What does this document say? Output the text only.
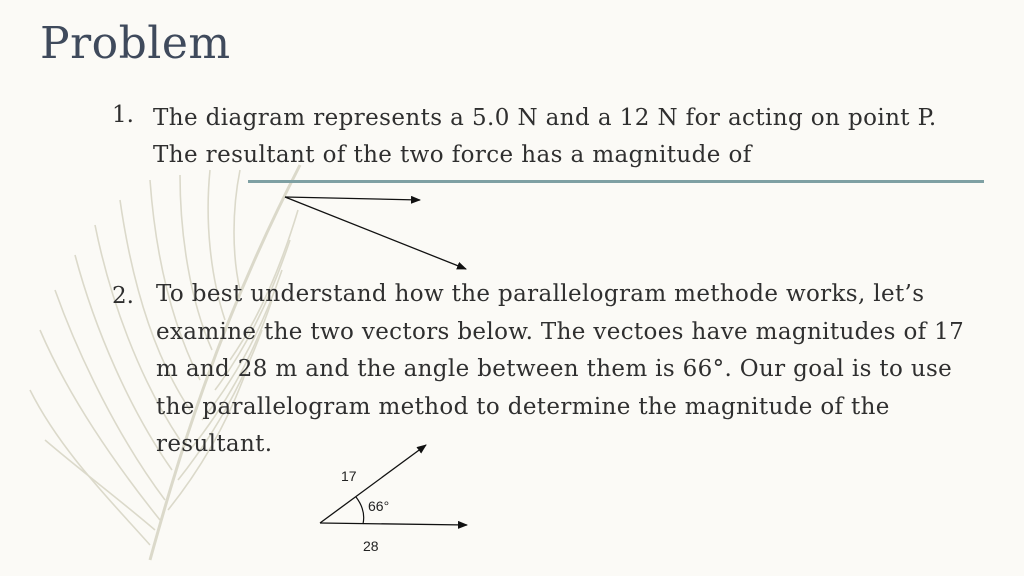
Problem
1. The diagram represents a 5.0 N and a 12 N for acting on point P. The resultant of the two force has a magnitude of
2. To best understand how the parallelogram methode works, let’s examine the two vectors below. The vectoes have magnitudes of 17 m and 28 m and the angle between them is 66°. Our goal is to use the parallelogram method to determine the magnitude of the resultant.
17
66°
28
